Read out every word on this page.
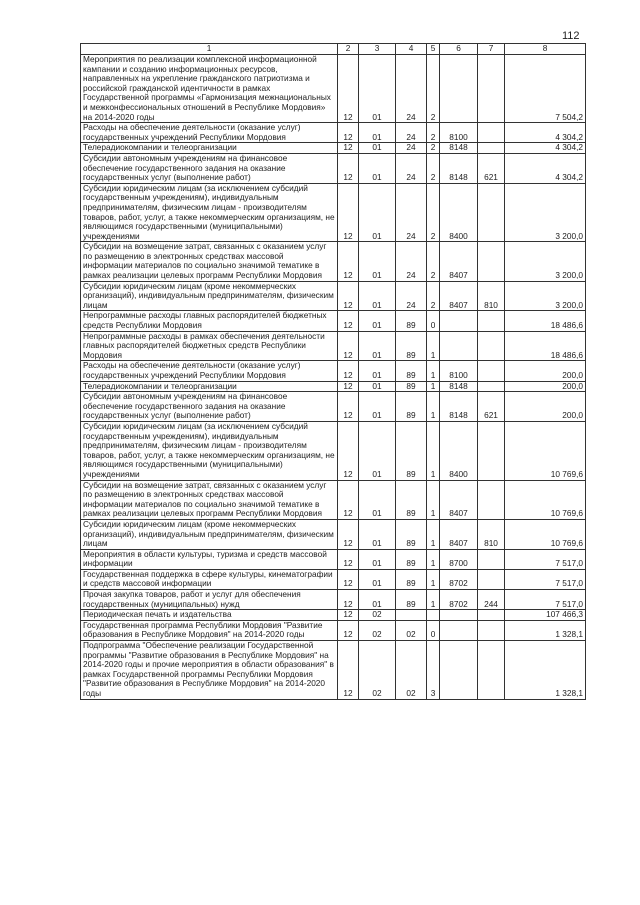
112
1	2	3	4	5	6	7	8
Мероприятия по реализации комплексной информационной кампании и созданию информационных ресурсов, направленных на укрепление гражданского патриотизма и российской гражданской идентичности в рамках Государственной программы «Гармонизация межнациональных и межконфессиональных отношений в Республике Мордовия» на 2014-2020 годы	12	01	24	2			7 504,2
Расходы на обеспечение деятельности (оказание услуг) государственных учреждений Республики Мордовия	12	01	24	2	8100		4 304,2
Телерадиокомпании и телеорганизации	12	01	24	2	8148		4 304,2
Субсидии автономным учреждениям на финансовое обеспечение государственного задания на оказание государственных услуг (выполнение работ)	12	01	24	2	8148	621	4 304,2
Субсидии юридическим лицам (за исключением субсидий государственным учреждениям), индивидуальным предпринимателям, физическим лицам - производителям товаров, работ, услуг, а также некоммерческим организациям, не являющимся государственными (муниципальными) учреждениями	12	01	24	2	8400		3 200,0
Субсидии на возмещение затрат, связанных с оказанием услуг по размещению в электронных средствах массовой информации материалов по социально значимой тематике в рамках реализации целевых программ Республики Мордовия	12	01	24	2	8407		3 200,0
Субсидии юридическим лицам (кроме некоммерческих организаций), индивидуальным предпринимателям, физическим лицам	12	01	24	2	8407	810	3 200,0
Непрограммные расходы главных распорядителей бюджетных средств Республики Мордовия	12	01	89	0			18 486,6
Непрограммные расходы в рамках обеспечения деятельности главных распорядителей бюджетных средств Республики Мордовия	12	01	89	1			18 486,6
Расходы на обеспечение деятельности (оказание услуг) государственных учреждений Республики Мордовия	12	01	89	1	8100		200,0
Телерадиокомпании и телеорганизации	12	01	89	1	8148		200,0
Субсидии автономным учреждениям на финансовое обеспечение государственного задания на оказание государственных услуг (выполнение работ)	12	01	89	1	8148	621	200,0
Субсидии юридическим лицам (за исключением субсидий государственным учреждениям), индивидуальным предпринимателям, физическим лицам - производителям товаров, работ, услуг, а также некоммерческим организациям, не являющимся государственными (муниципальными) учреждениями	12	01	89	1	8400		10 769,6
Субсидии на возмещение затрат, связанных с оказанием услуг по размещению в электронных средствах массовой информации материалов по социально значимой тематике в рамках реализации целевых программ Республики Мордовия	12	01	89	1	8407		10 769,6
Субсидии юридическим лицам (кроме некоммерческих организаций), индивидуальным предпринимателям, физическим лицам	12	01	89	1	8407	810	10 769,6
Мероприятия в области культуры, туризма и средств массовой информации	12	01	89	1	8700		7 517,0
Государственная поддержка в сфере культуры, кинематографии и средств массовой информации	12	01	89	1	8702		7 517,0
Прочая закупка товаров, работ и услуг для обеспечения государственных (муниципальных) нужд	12	01	89	1	8702	244	7 517,0
Периодическая печать и издательства	12	02					107 466,3
Государственная программа Республики Мордовия "Развитие образования в Республике Мордовия" на 2014-2020 годы	12	02	02	0			1 328,1
Подпрограмма "Обеспечение реализации Государственной программы "Развитие образования в Республике Мордовия" на 2014-2020 годы и прочие мероприятия в области образования" в рамках Государственной программы Республики Мордовия "Развитие образования в Республике Мордовия" на 2014-2020 годы	12	02	02	3			1 328,1
